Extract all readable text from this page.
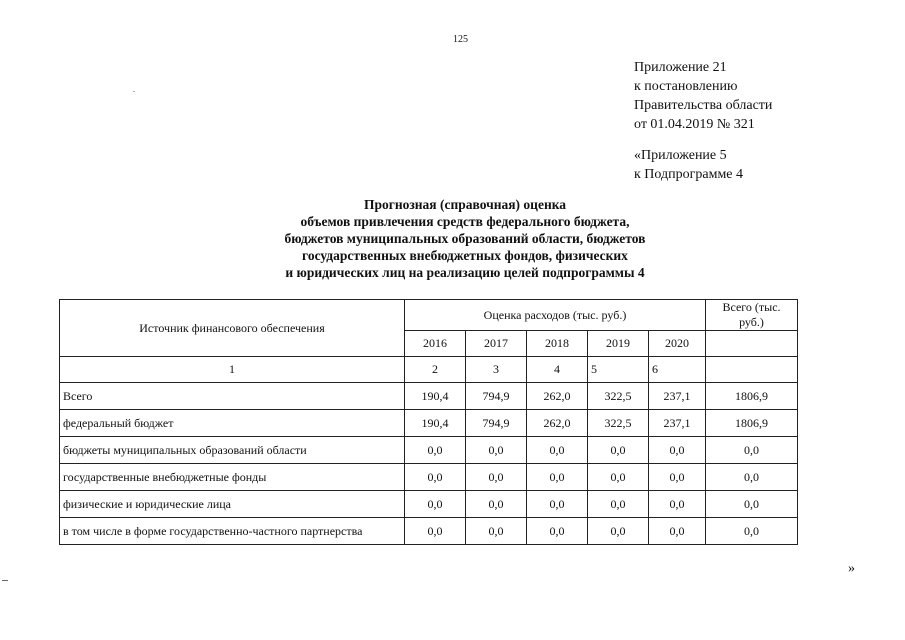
125
Приложение 21
к постановлению
Правительства области
от 01.04.2019 № 321
«Приложение 5
к Подпрограмме 4
Прогнозная (справочная) оценка
объемов привлечения средств федерального бюджета,
бюджетов муниципальных образований области, бюджетов
государственных внебюджетных фондов, физических
и юридических лиц на реализацию целей подпрограммы 4
Источник финансового обеспечения	Оценка расходов (тыс. руб.)					Всего (тыс. руб.)
	2016	2017	2018	2019	2020	
1	2	3	4	5	6	
Всего	190,4	794,9	262,0	322,5	237,1	1806,9
федеральный бюджет	190,4	794,9	262,0	322,5	237,1	1806,9
бюджеты муниципальных образований области	0,0	0,0	0,0	0,0	0,0	0,0
государственные внебюджетные фонды	0,0	0,0	0,0	0,0	0,0	0,0
физические и юридические лица	0,0	0,0	0,0	0,0	0,0	0,0
в том числе в форме государственно-частного партнерства	0,0	0,0	0,0	0,0	0,0	0,0
»
